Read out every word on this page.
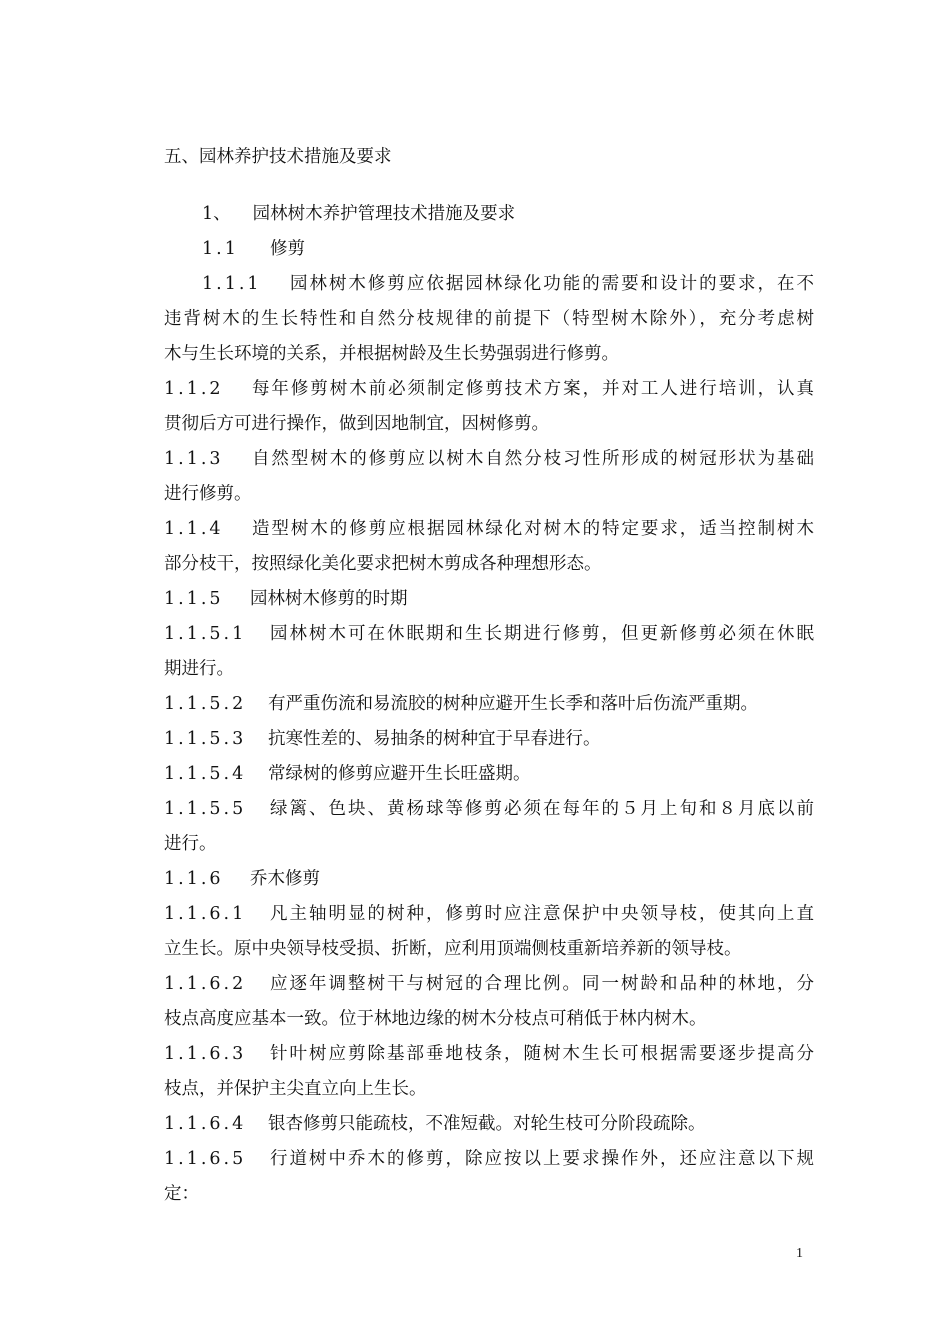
五、园林养护技术措施及要求
1、 园林树木养护管理技术措施及要求
1.1 修剪
1.1.1 园林树木修剪应依据园林绿化功能的需要和设计的要求，在不
违背树木的生长特性和自然分枝规律的前提下（特型树木除外），充分考虑树
木与生长环境的关系，并根据树龄及生长势强弱进行修剪。
1.1.2 每年修剪树木前必须制定修剪技术方案，并对工人进行培训，认真
贯彻后方可进行操作，做到因地制宜，因树修剪。
1.1.3 自然型树木的修剪应以树木自然分枝习性所形成的树冠形状为基础
进行修剪。
1.1.4 造型树木的修剪应根据园林绿化对树木的特定要求，适当控制树木
部分枝干，按照绿化美化要求把树木剪成各种理想形态。
1.1.5 园林树木修剪的时期
1.1.5.1 园林树木可在休眠期和生长期进行修剪，但更新修剪必须在休眠
期进行。
1.1.5.2 有严重伤流和易流胶的树种应避开生长季和落叶后伤流严重期。
1.1.5.3 抗寒性差的、易抽条的树种宜于早春进行。
1.1.5.4 常绿树的修剪应避开生长旺盛期。
1.1.5.5 绿篱、色块、黄杨球等修剪必须在每年的５月上旬和８月底以前
进行。
1.1.6 乔木修剪
1.1.6.1 凡主轴明显的树种，修剪时应注意保护中央领导枝，使其向上直
立生长。原中央领导枝受损、折断，应利用顶端侧枝重新培养新的领导枝。
1.1.6.2 应逐年调整树干与树冠的合理比例。同一树龄和品种的林地，分
枝点高度应基本一致。位于林地边缘的树木分枝点可稍低于林内树木。
1.1.6.3 针叶树应剪除基部垂地枝条，随树木生长可根据需要逐步提高分
枝点，并保护主尖直立向上生长。
1.1.6.4 银杏修剪只能疏枝，不准短截。对轮生枝可分阶段疏除。
1.1.6.5 行道树中乔木的修剪，除应按以上要求操作外，还应注意以下规
定：
1
